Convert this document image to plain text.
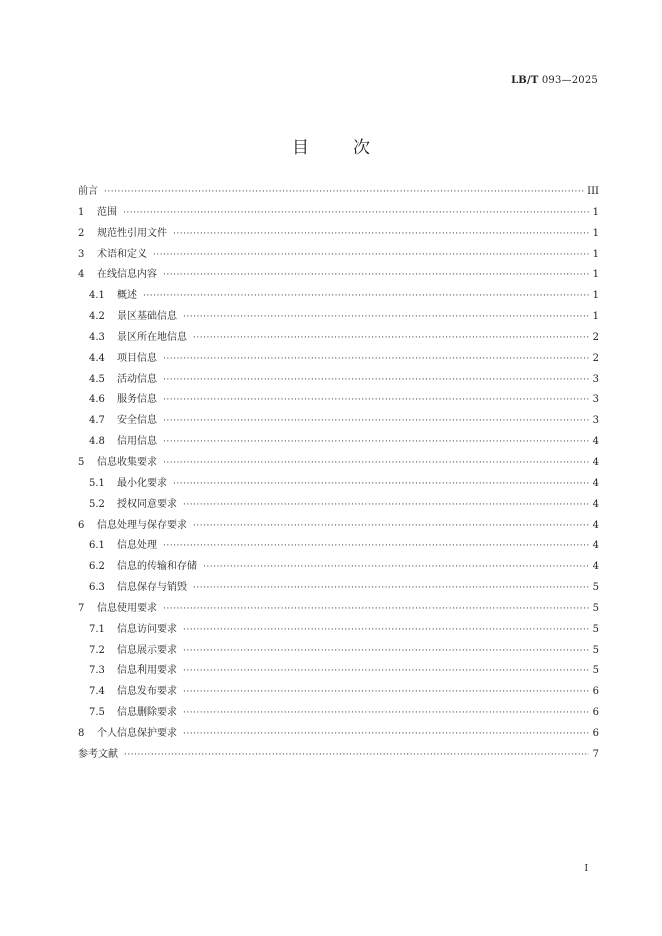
LB/T 093—2025
目	次
前言 ·····	III
1	范围 ·····	1
2	规范性引用文件 ·····	1
3	术语和定义 ·····	1
4	在线信息内容 ·····	1
4.1	概述 ·····	1
4.2	景区基础信息 ·····	1
4.3	景区所在地信息 ·····	2
4.4	项目信息 ·····	2
4.5	活动信息 ·····	3
4.6	服务信息 ·····	3
4.7	安全信息 ·····	3
4.8	信用信息 ·····	4
5	信息收集要求 ·····	4
5.1	最小化要求 ·····	4
5.2	授权同意要求 ·····	4
6	信息处理与保存要求 ·····	4
6.1	信息处理 ·····	4
6.2	信息的传输和存储 ·····	4
6.3	信息保存与销毁 ·····	5
7	信息使用要求 ·····	5
7.1	信息访问要求 ·····	5
7.2	信息展示要求 ·····	5
7.3	信息利用要求 ·····	5
7.4	信息发布要求 ·····	6
7.5	信息删除要求 ·····	6
8	个人信息保护要求 ·····	6
参考文献 ·····	7
I
